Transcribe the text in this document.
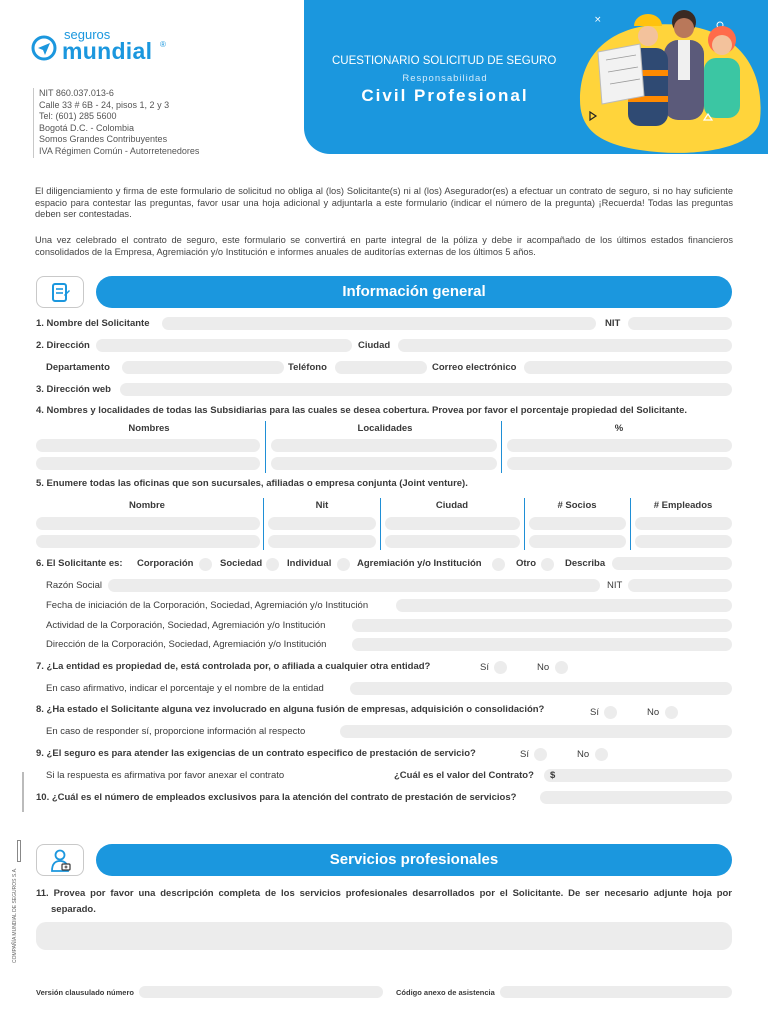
seguros
mundial ®
NIT 860.037.013-6
Calle 33 # 6B - 24, pisos 1, 2 y 3
Tel: (601) 285 5600
Bogotá D.C. - Colombia
Somos Grandes Contribuyentes
IVA Régimen Común - Autorretenedores
CUESTIONARIO SOLICITUD DE SEGURO
Responsabilidad
Civil Profesional
×
El diligenciamiento y firma de este formulario de solicitud no obliga al (los) Solicitante(s) ni al (los) Asegurador(es) a efectuar un contrato de seguro, si no hay suficiente espacio para contestar las preguntas, favor usar una hoja adicional y adjuntarla a este formulario (indicar el número de la pregunta) ¡Recuerda! Todas las preguntas deben ser contestadas.
Una vez celebrado el contrato de seguro, este formulario se convertirá en parte integral de la póliza y debe ir acompañado de los últimos estados financieros consolidados de la Empresa, Agremiación y/o Institución e informes anuales de auditorías externas de los últimos 5 años.
Información general
1. Nombre del Solicitante	NIT
2. Dirección	Ciudad
Departamento	Teléfono	Correo electrónico
3. Dirección web
4. Nombres y localidades de todas las Subsidiarias para las cuales se desea cobertura. Provea por favor el porcentaje propiedad del Solicitante.
Nombres	Localidades	%
5. Enumere todas las oficinas que son sucursales, afiliadas o empresa conjunta (Joint venture).
Nombre	Nit	Ciudad	# Socios	# Empleados
6. El Solicitante es: Corporación	Sociedad	Individual	Agremiación y/o Institución	Otro	Describa
Razón Social	NIT
Fecha de iniciación de la Corporación, Sociedad, Agremiación y/o Institución
Actividad de la Corporación, Sociedad, Agremiación y/o Institución
Dirección de la Corporación, Sociedad, Agremiación y/o Institución
7. ¿La entidad es propiedad de, está controlada por, o afiliada a cualquier otra entidad?	Sí	No
En caso afirmativo, indicar el porcentaje y el nombre de la entidad
8. ¿Ha estado el Solicitante alguna vez involucrado en alguna fusión de empresas, adquisición o consolidación?	Sí	No
En caso de responder sí, proporcione información al respecto
9. ¿El seguro es para atender las exigencias de un contrato especifico de prestación de servicio?	Sí	No
Si la respuesta es afirmativa por favor anexar el contrato	¿Cuál es el valor del Contrato? $
10. ¿Cuál es el número de empleados exclusivos para la atención del contrato de prestación de servicios?
Servicios profesionales
11. Provea por favor una descripción completa de los servicios profesionales desarrollados por el Solicitante. De ser necesario adjunte hoja por separado.
Versión clausulado número	Código anexo de asistencia
COMPAÑÍA MUNDIAL DE SEGUROS S.A.
